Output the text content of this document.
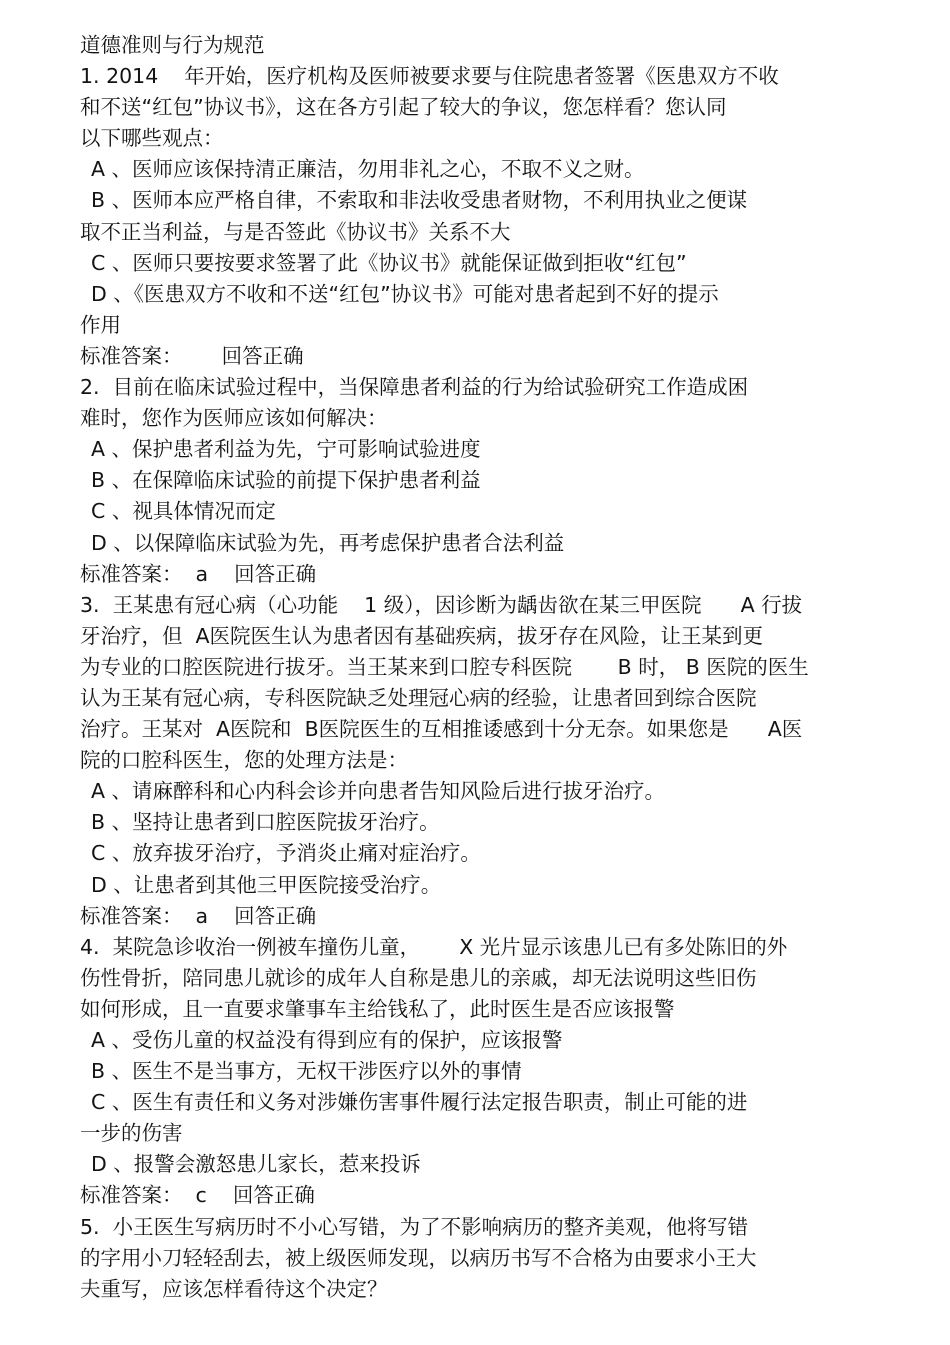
道德准则与行为规范
1. 2014    年开始，医疗机构及医师被要求要与住院患者签署《医患双方不收
和不送“红包”协议书》，这在各方引起了较大的争议，您怎样看？您认同
以下哪些观点：
A 、医师应该保持清正廉洁，勿用非礼之心，不取不义之财。
B 、医师本应严格自律，不索取和非法收受患者财物，不利用执业之便谋
取不正当利益，与是否签此《协议书》关系不大
C 、医师只要按要求签署了此《协议书》就能保证做到拒收“红包”
D 、《医患双方不收和不送“红包”协议书》可能对患者起到不好的提示
作用
标准答案：      回答正确
2.  目前在临床试验过程中，当保障患者利益的行为给试验研究工作造成困
难时，您作为医师应该如何解决：
A 、保护患者利益为先，宁可影响试验进度
B 、在保障临床试验的前提下保护患者利益
C 、视具体情况而定
D 、以保障临床试验为先，再考虑保护患者合法利益
标准答案：  a    回答正确
3.  王某患有冠心病（心功能    1 级），因诊断为龋齿欲在某三甲医院      A 行拔
牙治疗，但  A医院医生认为患者因有基础疾病，拔牙存在风险，让王某到更
为专业的口腔医院进行拔牙。当王某来到口腔专科医院       B 时， B 医院的医生
认为王某有冠心病，专科医院缺乏处理冠心病的经验，让患者回到综合医院
治疗。王某对  A医院和  B医院医生的互相推诿感到十分无奈。如果您是      A医
院的口腔科医生，您的处理方法是：
A 、请麻醉科和心内科会诊并向患者告知风险后进行拔牙治疗。
B 、坚持让患者到口腔医院拔牙治疗。
C 、放弃拔牙治疗，予消炎止痛对症治疗。
D 、让患者到其他三甲医院接受治疗。
标准答案：  a    回答正确
4.  某院急诊收治一例被车撞伤儿童，      X 光片显示该患儿已有多处陈旧的外
伤性骨折，陪同患儿就诊的成年人自称是患儿的亲戚，却无法说明这些旧伤
如何形成，且一直要求肇事车主给钱私了，此时医生是否应该报警
A 、受伤儿童的权益没有得到应有的保护，应该报警
B 、医生不是当事方，无权干涉医疗以外的事情
C 、医生有责任和义务对涉嫌伤害事件履行法定报告职责，制止可能的进
一步的伤害
D 、报警会激怒患儿家长，惹来投诉
标准答案：  c    回答正确
5.  小王医生写病历时不小心写错，为了不影响病历的整齐美观，他将写错
的字用小刀轻轻刮去，被上级医师发现，以病历书写不合格为由要求小王大
夫重写，应该怎样看待这个决定？
